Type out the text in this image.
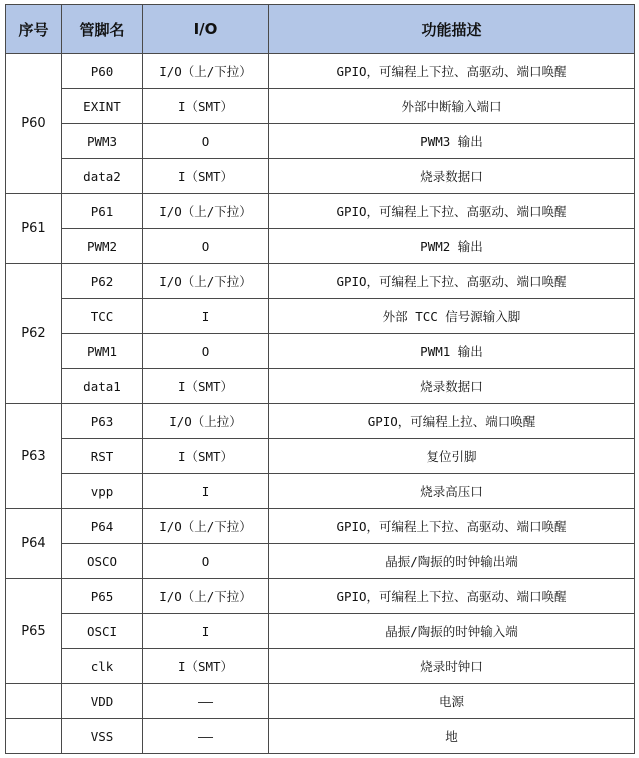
序号	管脚名	I/O	功能描述
P60	P60	I/O（上/下拉）	GPIO，可编程上下拉、高驱动、端口唤醒
	EXINT	I（SMT）	外部中断输入端口
	PWM3	O	PWM3 输出
	data2	I（SMT）	烧录数据口
P61	P61	I/O（上/下拉）	GPIO，可编程上下拉、高驱动、端口唤醒
	PWM2	O	PWM2 输出
P62	P62	I/O（上/下拉）	GPIO，可编程上下拉、高驱动、端口唤醒
	TCC	I	外部 TCC 信号源输入脚
	PWM1	O	PWM1 输出
	data1	I（SMT）	烧录数据口
P63	P63	I/O（上拉）	GPIO，可编程上拉、端口唤醒
	RST	I（SMT）	复位引脚
	vpp	I	烧录高压口
P64	P64	I/O（上/下拉）	GPIO，可编程上下拉、高驱动、端口唤醒
	OSCO	O	晶振/陶振的时钟输出端
P65	P65	I/O（上/下拉）	GPIO，可编程上下拉、高驱动、端口唤醒
	OSCI	I	晶振/陶振的时钟输入端
	clk	I（SMT）	烧录时钟口
	VDD	——	电源
	VSS	——	地
